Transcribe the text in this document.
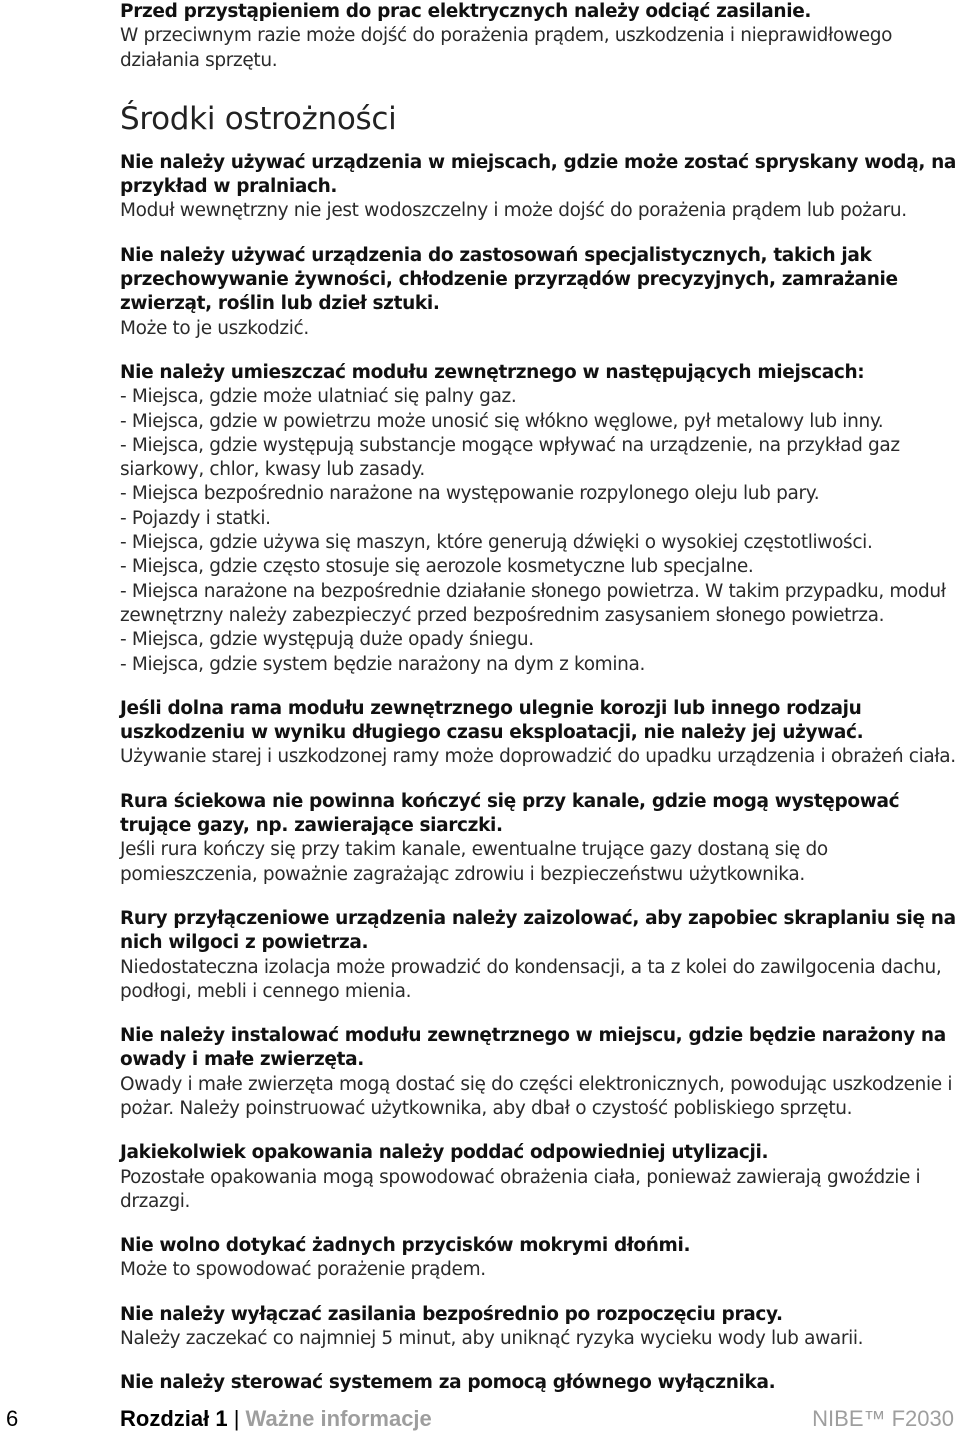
Przed przystąpieniem do prac elektrycznych należy odciąć zasilanie.
W przeciwnym razie może dojść do porażenia prądem, uszkodzenia i nieprawidłowego działania sprzętu.

Środki ostrożności

Nie należy używać urządzenia w miejscach, gdzie może zostać spryskany wodą, na przykład w pralniach.
Moduł wewnętrzny nie jest wodoszczelny i może dojść do porażenia prądem lub pożaru.

Nie należy używać urządzenia do zastosowań specjalistycznych, takich jak przechowywanie żywności, chłodzenie przyrządów precyzyjnych, zamrażanie zwierząt, roślin lub dzieł sztuki.
Może to je uszkodzić.

Nie należy umieszczać modułu zewnętrznego w następujących miejscach:
- Miejsca, gdzie może ulatniać się palny gaz.
- Miejsca, gdzie w powietrzu może unosić się włókno węglowe, pył metalowy lub inny.
- Miejsca, gdzie występują substancje mogące wpływać na urządzenie, na przykład gaz siarkowy, chlor, kwasy lub zasady.
- Miejsca bezpośrednio narażone na występowanie rozpylonego oleju lub pary.
- Pojazdy i statki.
- Miejsca, gdzie używa się maszyn, które generują dźwięki o wysokiej częstotliwości.
- Miejsca, gdzie często stosuje się aerozole kosmetyczne lub specjalne.
- Miejsca narażone na bezpośrednie działanie słonego powietrza. W takim przypadku, moduł zewnętrzny należy zabezpieczyć przed bezpośrednim zasysaniem słonego powietrza.
- Miejsca, gdzie występują duże opady śniegu.
- Miejsca, gdzie system będzie narażony na dym z komina.

Jeśli dolna rama modułu zewnętrznego ulegnie korozji lub innego rodzaju uszkodzeniu w wyniku długiego czasu eksploatacji, nie należy jej używać.
Używanie starej i uszkodzonej ramy może doprowadzić do upadku urządzenia i obrażeń ciała.

Rura ściekowa nie powinna kończyć się przy kanale, gdzie mogą występować trujące gazy, np. zawierające siarczki.
Jeśli rura kończy się przy takim kanale, ewentualne trujące gazy dostaną się do pomieszczenia, poważnie zagrażając zdrowiu i bezpieczeństwu użytkownika.

Rury przyłączeniowe urządzenia należy zaizolować, aby zapobiec skraplaniu się na nich wilgoci z powietrza.
Niedostateczna izolacja może prowadzić do kondensacji, a ta z kolei do zawilgocenia dachu, podłogi, mebli i cennego mienia.

Nie należy instalować modułu zewnętrznego w miejscu, gdzie będzie narażony na owady i małe zwierzęta.
Owady i małe zwierzęta mogą dostać się do części elektronicznych, powodując uszkodzenie i pożar. Należy poinstruować użytkownika, aby dbał o czystość pobliskiego sprzętu.

Jakiekolwiek opakowania należy poddać odpowiedniej utylizacji.
Pozostałe opakowania mogą spowodować obrażenia ciała, ponieważ zawierają gwoździe i drzazgi.

Nie wolno dotykać żadnych przycisków mokrymi dłońmi.
Może to spowodować porażenie prądem.

Nie należy wyłączać zasilania bezpośrednio po rozpoczęciu pracy.
Należy zaczekać co najmniej 5 minut, aby uniknąć ryzyka wycieku wody lub awarii.

Nie należy sterować systemem za pomocą głównego wyłącznika.

6	Rozdział 1 | Ważne informacje	NIBE™ F2030
